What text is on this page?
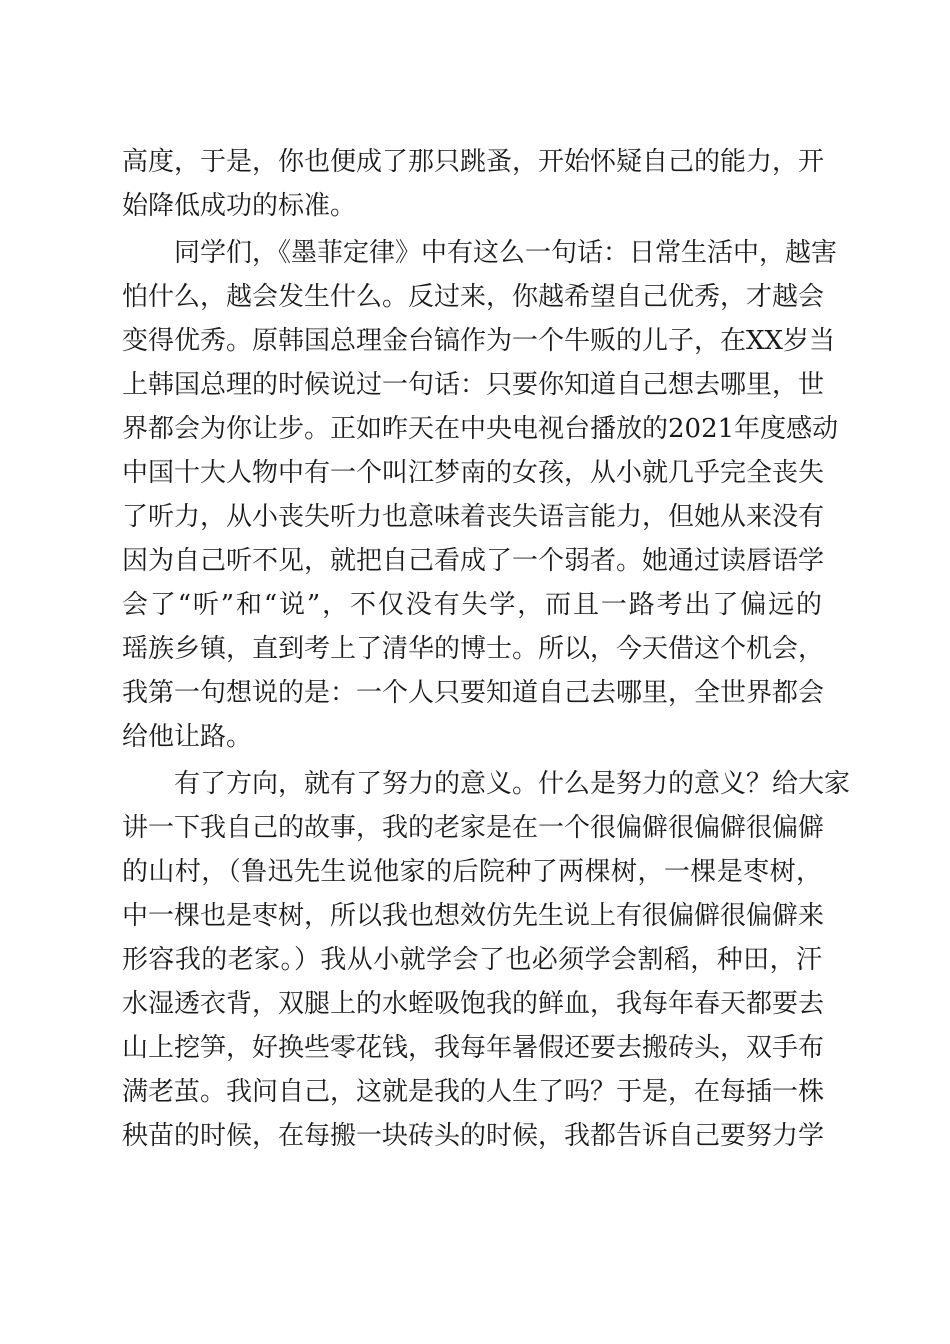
高度，于是，你也便成了那只跳蚤，开始怀疑自己的能力，开
始降低成功的标准。
同学们，《墨菲定律》中有这么一句话：日常生活中，越害
怕什么，越会发生什么。反过来，你越希望自己优秀，才越会
变得优秀。原韩国总理金台镐作为一个牛贩的儿子，在XX岁当
上韩国总理的时候说过一句话：只要你知道自己想去哪里，世
界都会为你让步。正如昨天在中央电视台播放的2021年度感动
中国十大人物中有一个叫江梦南的女孩，从小就几乎完全丧失
了听力，从小丧失听力也意味着丧失语言能力，但她从来没有
因为自己听不见，就把自己看成了一个弱者。她通过读唇语学
会了“听”和“说”，不仅没有失学，而且一路考出了偏远的
瑶族乡镇，直到考上了清华的博士。所以，今天借这个机会，
我第一句想说的是：一个人只要知道自己去哪里，全世界都会
给他让路。
有了方向，就有了努力的意义。什么是努力的意义？给大家
讲一下我自己的故事，我的老家是在一个很偏僻很偏僻很偏僻
的山村，（鲁迅先生说他家的后院种了两棵树，一棵是枣树，
中一棵也是枣树，所以我也想效仿先生说上有很偏僻很偏僻来
形容我的老家。）我从小就学会了也必须学会割稻，种田，汗
水湿透衣背，双腿上的水蛭吸饱我的鲜血，我每年春天都要去
山上挖笋，好换些零花钱，我每年暑假还要去搬砖头，双手布
满老茧。我问自己，这就是我的人生了吗？于是，在每插一株
秧苗的时候，在每搬一块砖头的时候，我都告诉自己要努力学
